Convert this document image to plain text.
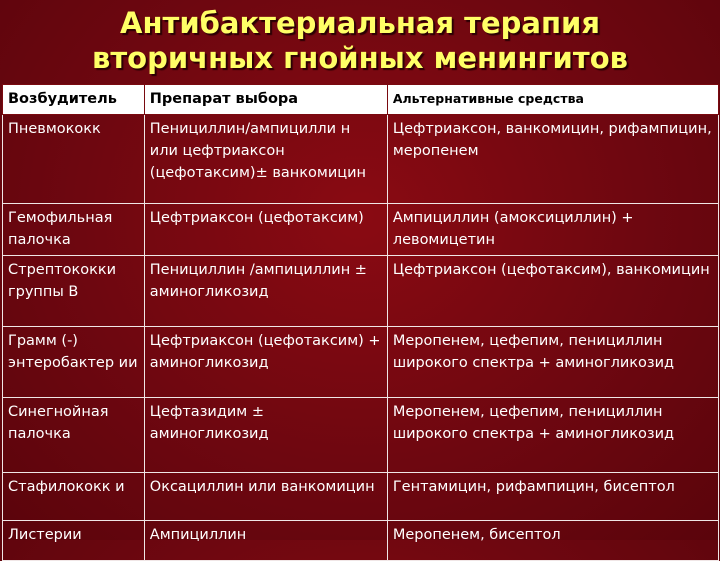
Антибактериальная терапия
вторичных гнойных менингитов
Возбудитель	Препарат выбора	Альтернативные средства
Пневмококк	Пенициллин/ампицилли н или цефтриаксон (цефотаксим)± ванкомицин	Цефтриаксон, ванкомицин, рифампицин, меропенем
Гемофильная палочка	Цефтриаксон (цефотаксим)	Ампициллин (амоксициллин) + левомицетин
Стрептококки группы В	Пенициллин /ампициллин ± аминогликозид	Цефтриаксон (цефотаксим), ванкомицин
Грамм (-) энтеробактер ии	Цефтриаксон (цефотаксим) + аминогликозид	Меропенем, цефепим, пенициллин широкого спектра + аминогликозид
Синегнойная палочка	Цефтазидим ± аминогликозид	Меропенем, цефепим, пенициллин широкого спектра + аминогликозид
Стафилококк и	Оксациллин или ванкомицин	Гентамицин, рифампицин, бисептол
Листерии	Ампициллин	Меропенем, бисептол
